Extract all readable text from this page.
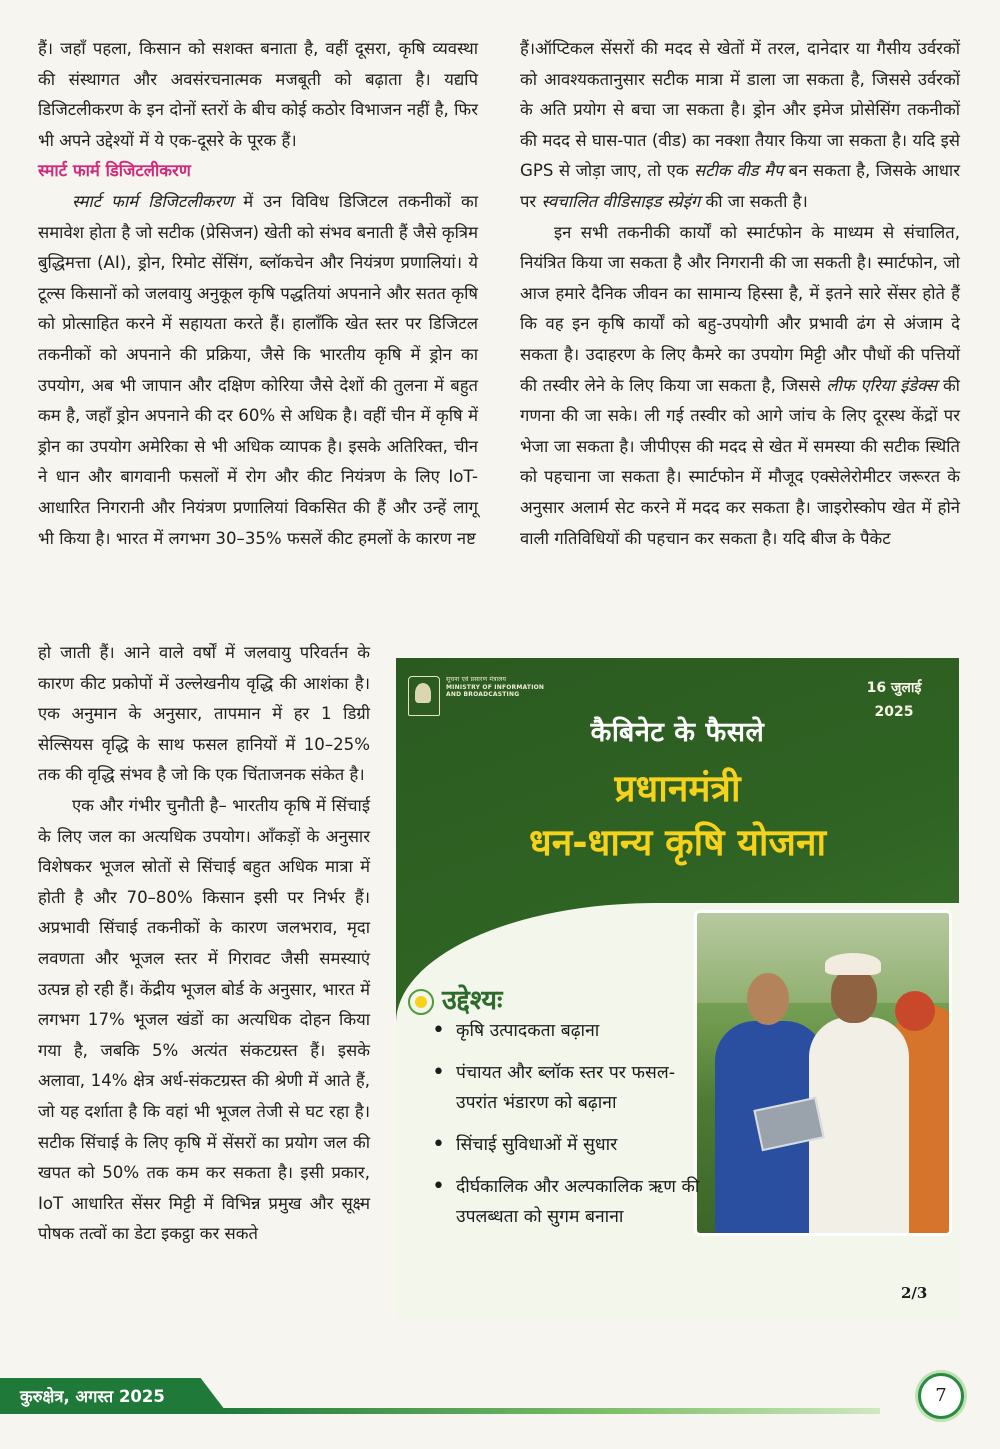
हैं। जहाँ पहला, किसान को सशक्त बनाता है, वहीं दूसरा, कृषि व्यवस्था की संस्थागत और अवसंरचनात्मक मजबूती को बढ़ाता है। यद्यपि डिजिटलीकरण के इन दोनों स्तरों के बीच कोई कठोर विभाजन नहीं है, फिर भी अपने उद्देश्यों में ये एक-दूसरे के पूरक हैं।

स्मार्ट फार्म डिजिटलीकरण

स्मार्ट फार्म डिजिटलीकरण में उन विविध डिजिटल तकनीकों का समावेश होता है जो सटीक (प्रेसिजन) खेती को संभव बनाती हैं जैसे कृत्रिम बुद्धिमत्ता (AI), ड्रोन, रिमोट सेंसिंग, ब्लॉकचेन और नियंत्रण प्रणालियां। ये टूल्स किसानों को जलवायु अनुकूल कृषि पद्धतियां अपनाने और सतत कृषि को प्रोत्साहित करने में सहायता करते हैं। हालाँकि खेत स्तर पर डिजिटल तकनीकों को अपनाने की प्रक्रिया, जैसे कि भारतीय कृषि में ड्रोन का उपयोग, अब भी जापान और दक्षिण कोरिया जैसे देशों की तुलना में बहुत कम है, जहाँ ड्रोन अपनाने की दर 60% से अधिक है। वहीं चीन में कृषि में ड्रोन का उपयोग अमेरिका से भी अधिक व्यापक है। इसके अतिरिक्त, चीन ने धान और बागवानी फसलों में रोग और कीट नियंत्रण के लिए IoT-आधारित निगरानी और नियंत्रण प्रणालियां विकसित की हैं और उन्हें लागू भी किया है। भारत में लगभग 30–35% फसलें कीट हमलों के कारण नष्ट

हो जाती हैं। आने वाले वर्षों में जलवायु परिवर्तन के कारण कीट प्रकोपों में उल्लेखनीय वृद्धि की आशंका है। एक अनुमान के अनुसार, तापमान में हर 1 डिग्री सेल्सियस वृद्धि के साथ फसल हानियों में 10–25% तक की वृद्धि संभव है जो कि एक चिंताजनक संकेत है।

एक और गंभीर चुनौती है– भारतीय कृषि में सिंचाई के लिए जल का अत्यधिक उपयोग। आँकड़ों के अनुसार विशेषकर भूजल स्रोतों से सिंचाई बहुत अधिक मात्रा में होती है और 70–80% किसान इसी पर निर्भर हैं। अप्रभावी सिंचाई तकनीकों के कारण जलभराव, मृदा लवणता और भूजल स्तर में गिरावट जैसी समस्याएं उत्पन्न हो रही हैं। केंद्रीय भूजल बोर्ड के अनुसार, भारत में लगभग 17% भूजल खंडों का अत्यधिक दोहन किया गया है, जबकि 5% अत्यंत संकटग्रस्त हैं। इसके अलावा, 14% क्षेत्र अर्ध-संकटग्रस्त की श्रेणी में आते हैं, जो यह दर्शाता है कि वहां भी भूजल तेजी से घट रहा है। सटीक सिंचाई के लिए कृषि में सेंसरों का प्रयोग जल की खपत को 50% तक कम कर सकता है। इसी प्रकार, IoT आधारित सेंसर मिट्टी में विभिन्न प्रमुख और सूक्ष्म पोषक तत्वों का डेटा इकट्ठा कर सकते

हैं।ऑप्टिकल सेंसरों की मदद से खेतों में तरल, दानेदार या गैसीय उर्वरकों को आवश्यकतानुसार सटीक मात्रा में डाला जा सकता है, जिससे उर्वरकों के अति प्रयोग से बचा जा सकता है। ड्रोन और इमेज प्रोसेसिंग तकनीकों की मदद से घास-पात (वीड) का नक्शा तैयार किया जा सकता है। यदि इसे GPS से जोड़ा जाए, तो एक सटीक वीड मैप बन सकता है, जिसके आधार पर स्वचालित वीडिसाइड स्प्रेइंग की जा सकती है।

इन सभी तकनीकी कार्यों को स्मार्टफोन के माध्यम से संचालित, नियंत्रित किया जा सकता है और निगरानी की जा सकती है। स्मार्टफोन, जो आज हमारे दैनिक जीवन का सामान्य हिस्सा है, में इतने सारे सेंसर होते हैं कि वह इन कृषि कार्यों को बहु-उपयोगी और प्रभावी ढंग से अंजाम दे सकता है। उदाहरण के लिए कैमरे का उपयोग मिट्टी और पौधों की पत्तियों की तस्वीर लेने के लिए किया जा सकता है, जिससे लीफ एरिया इंडेक्स की गणना की जा सके। ली गई तस्वीर को आगे जांच के लिए दूरस्थ केंद्रों पर भेजा जा सकता है। जीपीएस की मदद से खेत में समस्या की सटीक स्थिति को पहचाना जा सकता है। स्मार्टफोन में मौजूद एक्सेलेरोमीटर जरूरत के अनुसार अलार्म सेट करने में मदद कर सकता है। जाइरोस्कोप खेत में होने वाली गतिविधियों की पहचान कर सकता है। यदि बीज के पैकेट

सूचना एवं प्रसारण मंत्रालय
MINISTRY OF INFORMATION AND BROADCASTING	16 जुलाई
2025
कैबिनेट के फैसले
प्रधानमंत्री
धन-धान्य कृषि योजना
उद्देश्यः
• कृषि उत्पादकता बढ़ाना
• पंचायत और ब्लॉक स्तर पर फसल-उपरांत भंडारण को बढ़ाना
• सिंचाई सुविधाओं में सुधार
• दीर्घकालिक और अल्पकालिक ऋण की उपलब्धता को सुगम बनाना
2/3
कुरुक्षेत्र, अगस्त 2025	7
